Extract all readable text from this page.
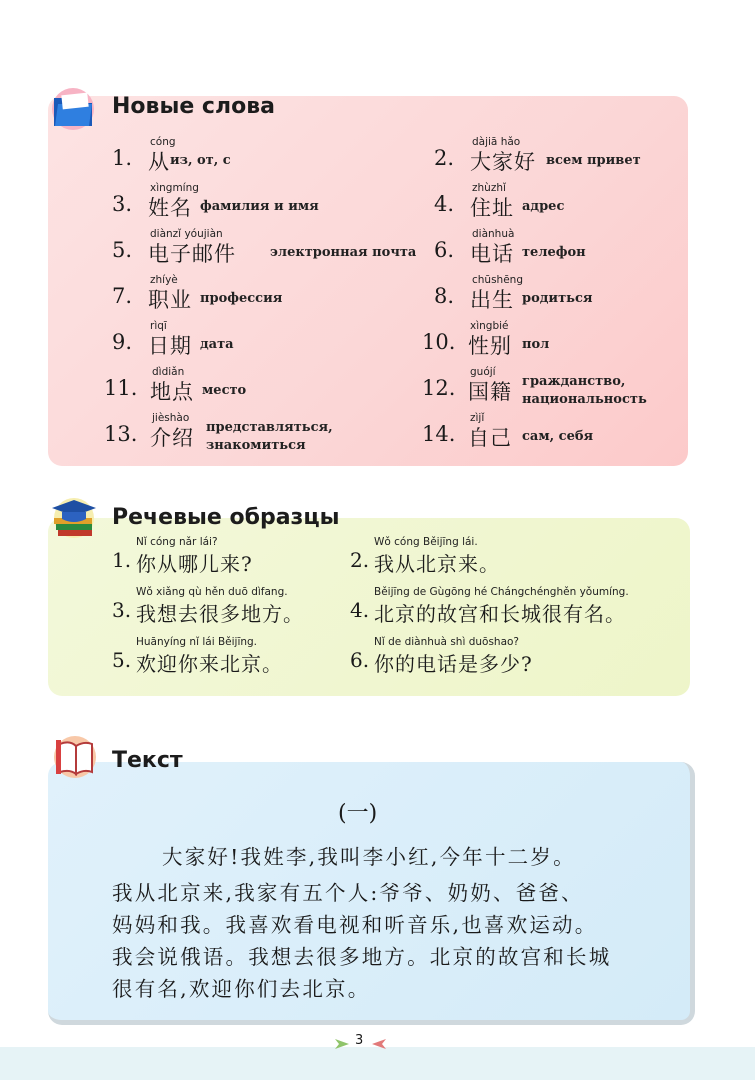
Новые слова
cóng
1. 从 из, от, с
dàjiā hǎo
2. 大家好 всем привет
xìngmíng
3. 姓名 фамилия и имя
zhùzhǐ
4. 住址 адрес
diànzǐ yóujiàn
5. 电子邮件	электронная почта
diànhuà
6. 电话 телефон
zhíyè
7. 职业 профессия
chūshēng
8. 出生 родиться
rìqī
9. 日期 дата
xìngbié
10. 性别 пол
dìdiǎn
11. 地点 место
guójí
12. 国籍 гражданство,
национальность
jièshào
13. 介绍 представляться,
знакомиться
zìjǐ
14. 自己 сам, себя
Речевые образцы
Nǐ cóng nǎr lái?
1. 你从哪儿来?
Wǒ cóng Běijīng lái.
2. 我从北京来。
Wǒ xiǎng qù hěn duō dìfang.
3. 我想去很多地方。
Běijīng de Gùgōng hé Chángchénghěn yǒumíng.
4. 北京的故宫和长城很有名。
Huānyíng nǐ lái Běijīng.
5. 欢迎你来北京。
Nǐ de diànhuà shì duōshao?
6. 你的电话是多少?
Текст
(一)
大家好!我姓李,我叫李小红,今年十二岁。
我从北京来,我家有五个人:爷爷、奶奶、爸爸、
妈妈和我。我喜欢看电视和听音乐,也喜欢运动。
我会说俄语。我想去很多地方。北京的故宫和长城
很有名,欢迎你们去北京。
3
